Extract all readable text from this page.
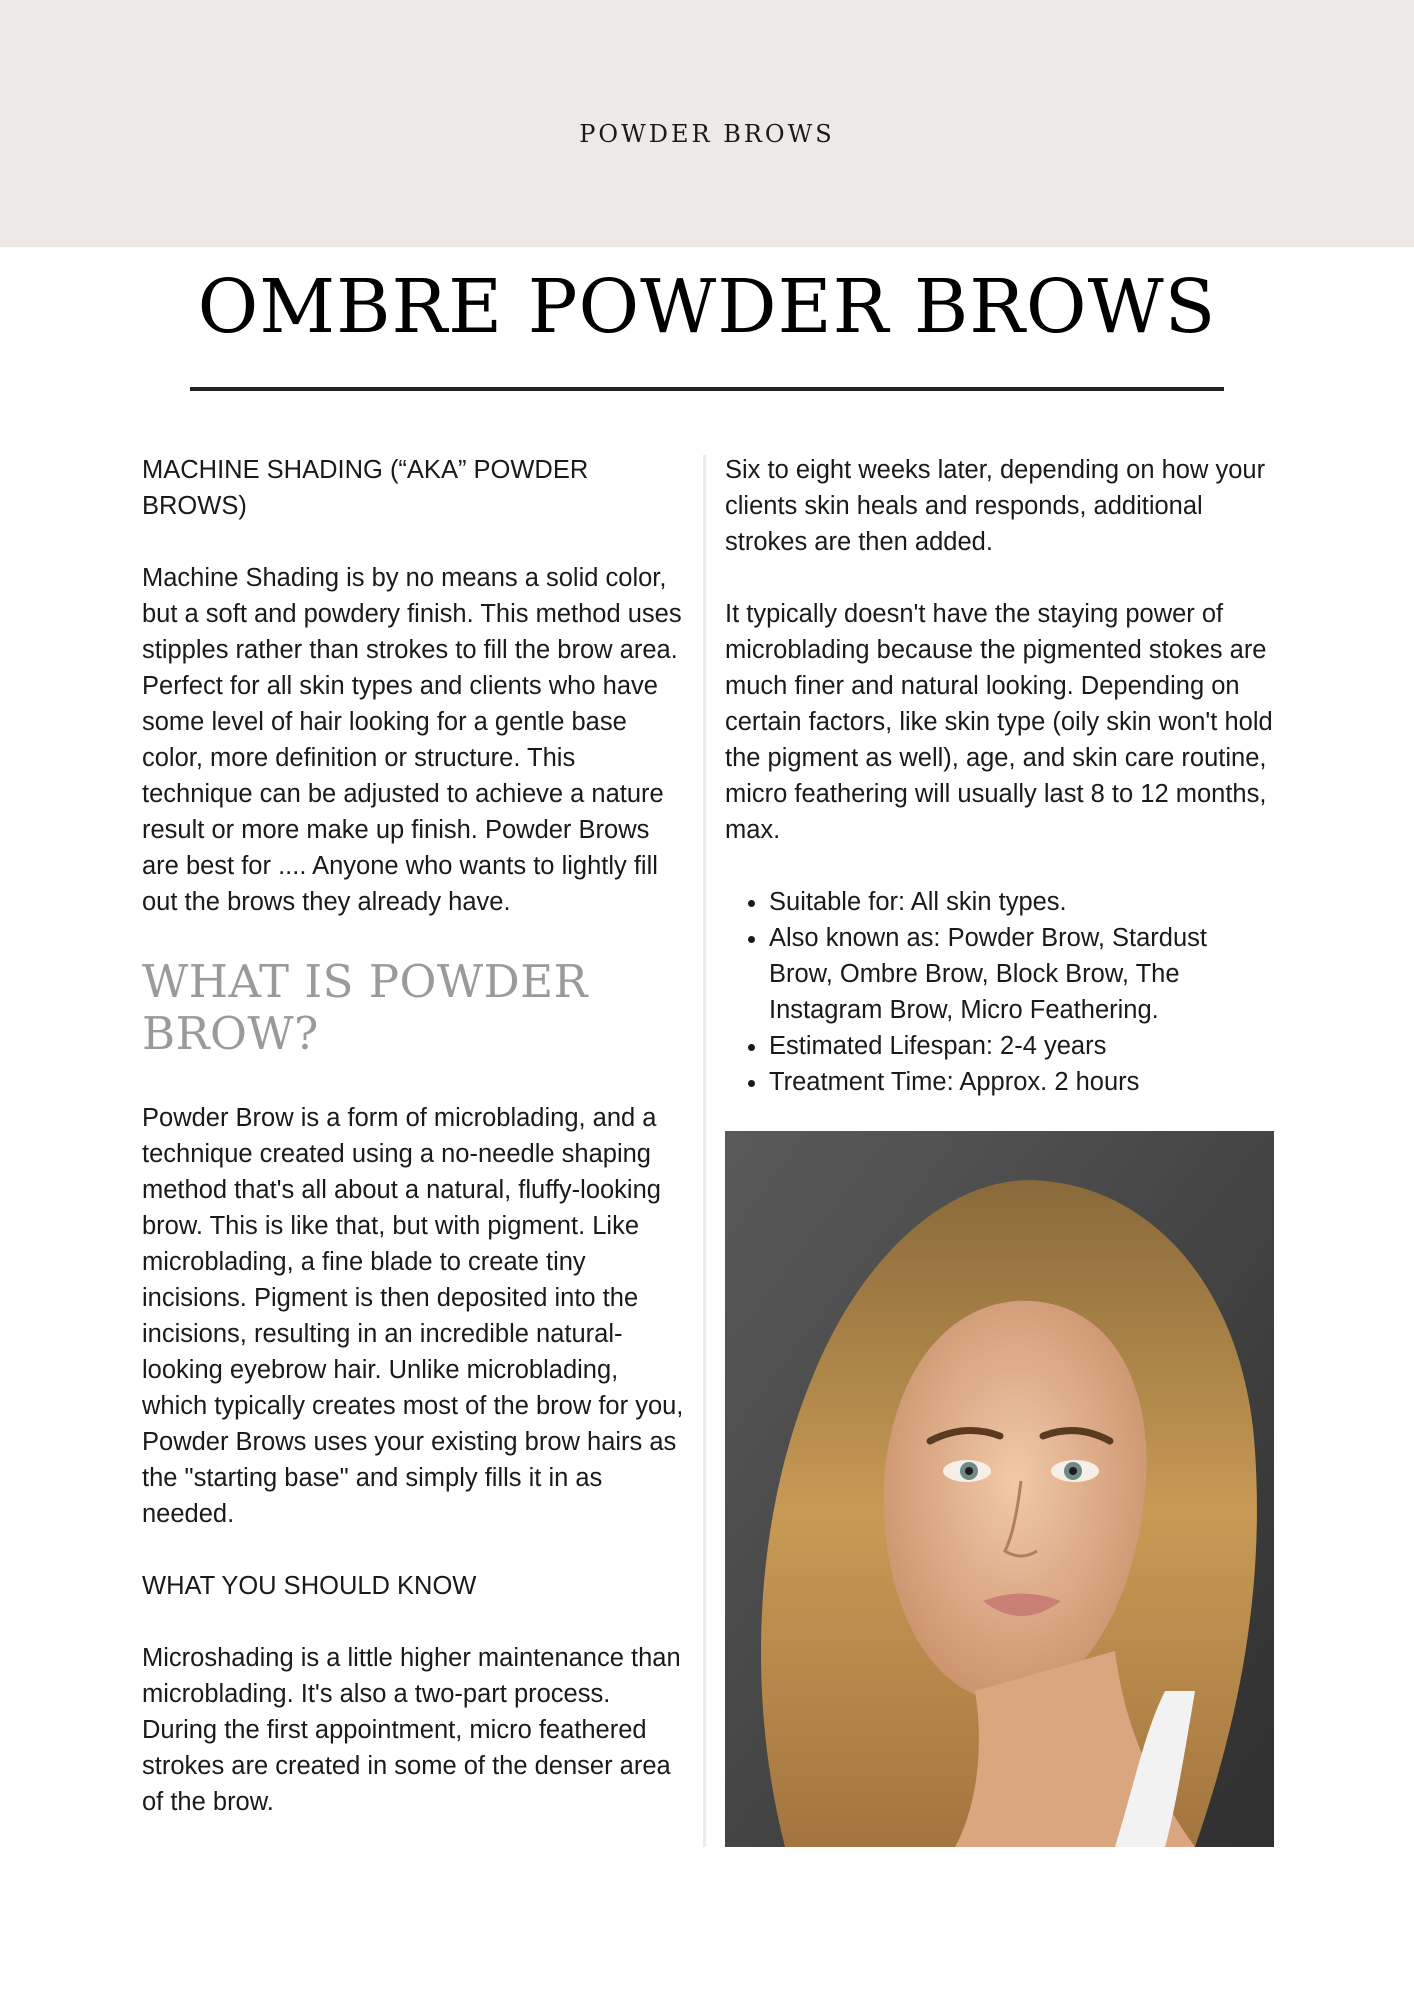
POWDER BROWS
OMBRE POWDER BROWS

MACHINE SHADING (“AKA” POWDER BROWS)

Machine Shading is by no means a solid color, but a soft and powdery finish. This method uses stipples rather than strokes to fill the brow area. Perfect for all skin types and clients who have some level of hair looking for a gentle base color, more definition or structure. This technique can be adjusted to achieve a nature result or more make up finish. Powder Brows are best for .... Anyone who wants to lightly fill out the brows they already have.

WHAT IS POWDER BROW?

Powder Brow is a form of microblading, and a technique created using a no-needle shaping method that's all about a natural, fluffy-looking brow. This is like that, but with pigment. Like microblading, a fine blade to create tiny incisions. Pigment is then deposited into the incisions, resulting in an incredible natural-looking eyebrow hair. Unlike microblading, which typically creates most of the brow for you, Powder Brows uses your existing brow hairs as the "starting base" and simply fills it in as needed.

WHAT YOU SHOULD KNOW

Microshading is a little higher maintenance than microblading. It's also a two-part process. During the first appointment, micro feathered strokes are created in some of the denser area of the brow.

Six to eight weeks later, depending on how your clients skin heals and responds, additional strokes are then added.

It typically doesn't have the staying power of microblading because the pigmented stokes are much finer and natural looking. Depending on certain factors, like skin type (oily skin won't hold the pigment as well), age, and skin care routine, micro feathering will usually last 8 to 12 months, max.

• Suitable for: All skin types.
• Also known as: Powder Brow, Stardust Brow, Ombre Brow, Block Brow, The Instagram Brow, Micro Feathering.
• Estimated Lifespan: 2-4 years
• Treatment Time: Approx. 2 hours
